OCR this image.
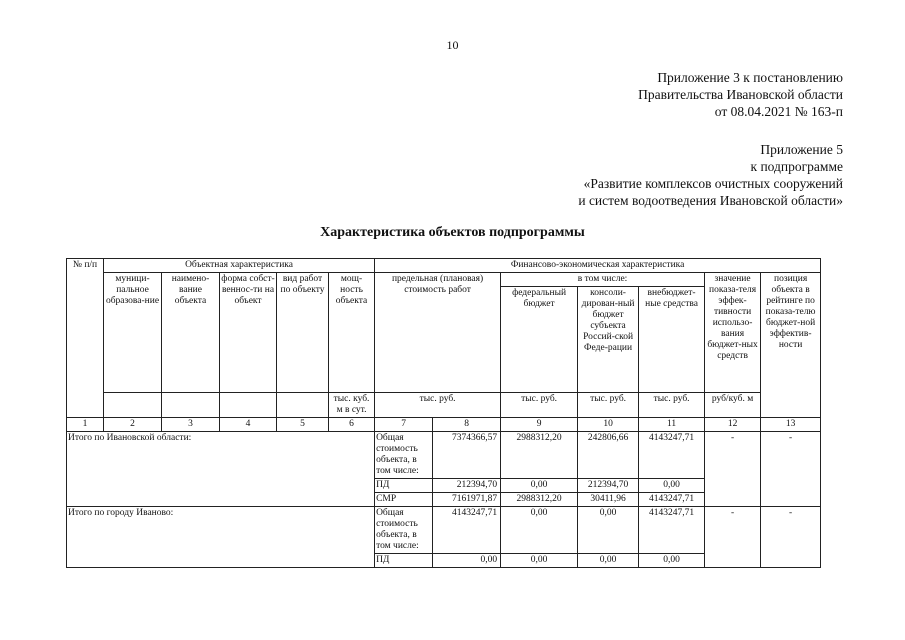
10
Приложение 3 к постановлению
Правительства Ивановской области
от 08.04.2021 № 163-п
Приложение 5
к подпрограмме
«Развитие комплексов очистных сооружений
и систем водоотведения Ивановской области»
Характеристика объектов подпрограммы
№ п/п	Объектная характеристика					Финансово-экономическая характеристика						
	муници-пальное образова-ние	наимено-вание объекта	форма собст-веннос-ти на объект	вид работ по объекту	мощ-ность объекта	предельная (плановая) стоимость работ		в том числе:			значение показа-теля эффек-тивности использо-вания бюджет-ных средств	позиция объекта в рейтинге по показа-телю бюджет-ной эффектив-ности
								федеральный бюджет	консоли-дирован-ный бюджет субъекта Россий-ской Феде-рации	внебюджет-ные средства		
					тыс. куб. м в сут.	тыс. руб.		тыс. руб.	тыс. руб.	тыс. руб.	руб/куб. м	
1	2	3	4	5	6	7	8	9	10	11	12	13
Итого по Ивановской области:						Общая стоимость объекта, в том числе:	7374366,57	2988312,20	242806,66	4143247,71	-	-
						ПД	212394,70	0,00	212394,70	0,00		
						СМР	7161971,87	2988312,20	30411,96	4143247,71		
Итого по городу Иваново:						Общая стоимость объекта, в том числе:	4143247,71	0,00	0,00	4143247,71	-	-
						ПД	0,00	0,00	0,00	0,00		
